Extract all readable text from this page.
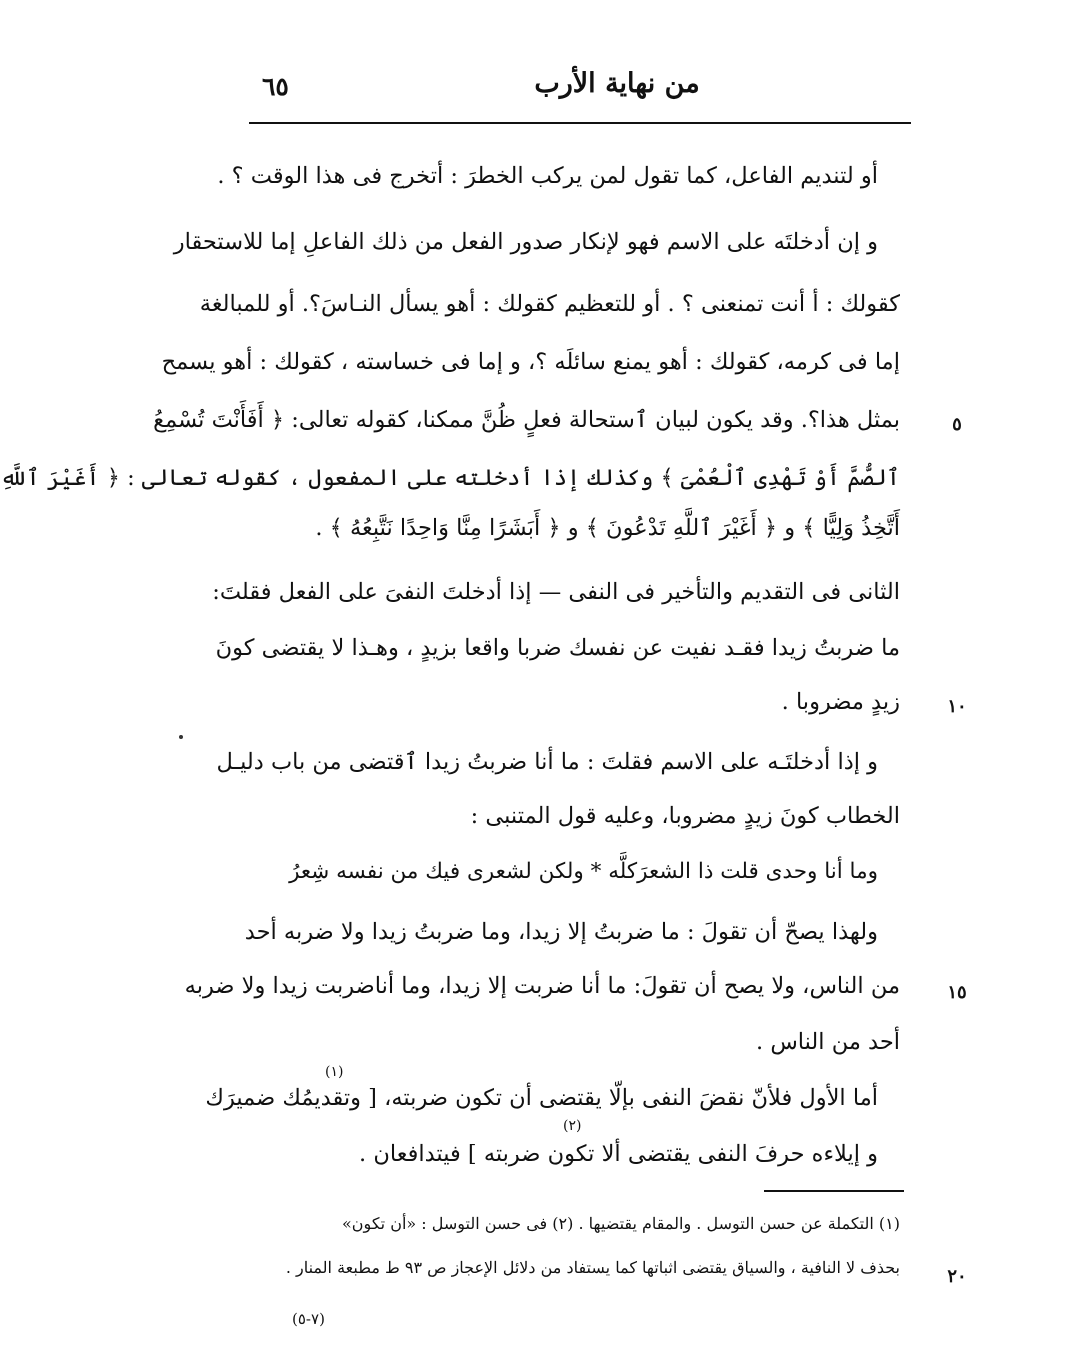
من نهاية الأرب
٦٥
أو لتنديم الفاعل، كما تقول لمن يركب الخطرَ : أتخرج فى هذا الوقت ؟ .
و إن أدخلتَه على الاسم فهو لإنكار صدور الفعل من ذلك الفاعلِ إما للاستحقار
كقولك : أ أنت تمنعنى ؟ . أو للتعظيم كقولك : أهو يسأل النـاسَ؟. أو للمبالغة
إما فى كرمه، كقولك : أهو يمنع سائلَه ؟، و إما فى خساسته ، كقولك : أهو يسمح
بمثل هذا؟. وقد يكون لبيان ٱستحالة فعلٍ ظُنَّ ممكنا، كقوله تعالى: ﴿ أَفَأَنْتَ تُسْمِعُ
ٱلصُّمَّ أَوْ تَهْدِى ٱلْعُمْىَ ﴾ وكذلك إذا أدخلته على المفعول ، كقوله تعالى : ﴿ أَغَيْرَ ٱللَّهِ
أَتَّخِذُ وَلِيًّا ﴾ و ﴿ أَغَيْرَ ٱللَّهِ تَدْعُونَ ﴾ و ﴿ أَبَشَرًا مِنَّا وَاحِدًا نَتَّبِعُهُ ﴾ .
الثانى فى التقديم والتأخير فى النفى — إذا أدخلتَ النفىَ على الفعل فقلتَ:
ما ضربتُ زيدا فقـد نفيت عن نفسك ضربا واقعا بزيدٍ ، وهـذا لا يقتضى كونَ
زيدٍ مضروبا .
و إذا أدخلتَـه على الاسم فقلتَ : ما أنا ضربتُ زيدا ٱقتضى من باب دليـل
الخطاب كونَ زيدٍ مضروبا، وعليه قول المتنبى :
وما أنا وحدى قلت ذا الشعرَكلَّه * ولكن لشعرى فيك من نفسه شِعرُ
ولهذا يصحّ أن تقولَ : ما ضربتُ إلا زيدا، وما ضربتُ زيدا ولا ضربه أحد
من الناس، ولا يصح أن تقولَ: ما أنا ضربت إلا زيدا، وما أناضربت زيدا ولا ضربه
أحد من الناس .
(١)
أما الأول فلأنّ نقضَ النفى بإلّا يقتضى أن تكون ضربته، [ وتقديمُك ضميرَك
(٢)
و إيلاءه حرفَ النفى يقتضى ألا تكون ضربته ] فيتدافعان .
٥
١٠
١٥
٢٠
(١) التكملة عن حسن التوسل . والمقام يقتضيها . (٢) فى حسن التوسل : «أن تكون»
بحذف لا النافية ، والسياق يقتضى اثباتها كما يستفاد من دلائل الإعجاز ص ٩٣ ط مطبعة المنار .
(٧-٥)
